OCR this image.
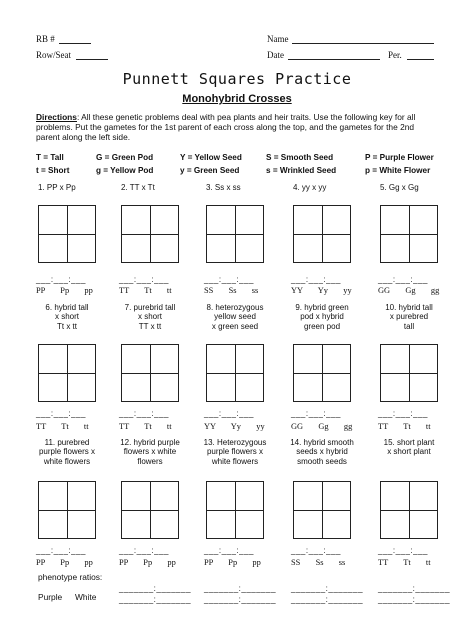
RB #
Row/Seat
Name
Date	Per.
Punnett Squares Practice
Monohybrid Crosses
Directions: All these genetic problems deal with pea plants and heir traits. Use the following key for all problems. Put the gametes for the 1st parent of each cross along the top, and the gametes for the 2nd parent along the left side.
T = Tall	G = Green Pod	Y = Yellow Seed	S = Smooth Seed	P = Purple Flower
t = Short	g = Yellow Pod	y = Green Seed	s = Wrinkled Seed	p = White Flower
1. PP x Pp
___:___:___
PP   Pp   pp
2. TT x Tt
___:___:___
TT   Tt   tt
3. Ss x ss
___:___:___
SS   Ss   ss
4. yy x yy
___:___:___
YY   Yy   yy
5. Gg x Gg
___:___:___
GG   Gg   gg
6. hybrid tall
x short
Tt x tt
___:___:___
TT   Tt   tt
7. purebrid tall
x short
TT x tt
___:___:___
TT   Tt   tt
8. heterozygous
yellow seed
x green seed
___:___:___
YY   Yy   yy
9. hybrid green
pod x hybrid
green pod
___:___:___
GG   Gg   gg
10. hybrid tall
x purebred
tall
___:___:___
TT   Tt   tt
11. purebred
purple flowers x
white flowers
___:___:___
PP   Pp   pp
12. hybrid purple
flowers x white
flowers
___:___:___
PP   Pp   pp
_______:_______
_______:_______
13. Heterozygous
purple flowers x
white flowers
___:___:___
PP   Pp   pp
_______:_______
_______:_______
14. hybrid smooth
seeds x hybrid
smooth seeds
___:___:___
SS   Ss   ss
_______:_______
_______:_______
15. short plant
x short plant
___:___:___
TT   Tt   tt
_______:_______
_______:_______
phenotype ratios:
Purple White
